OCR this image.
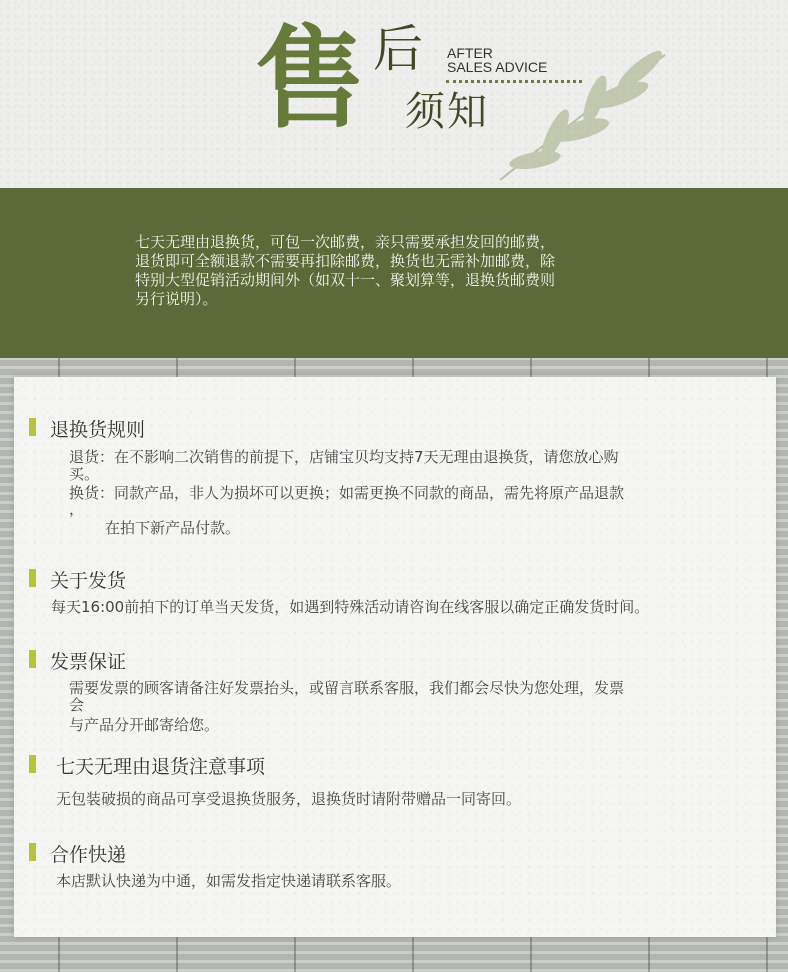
售 后
须知
AFTER
SALES ADVICE
七天无理由退换货，可包一次邮费，亲只需要承担发回的邮费，
退货即可全额退款不需要再扣除邮费，换货也无需补加邮费，除
特别大型促销活动期间外（如双十一、聚划算等，退换货邮费则
另行说明）。
退换货规则
退货：在不影响二次销售的前提下，店铺宝贝均支持7天无理由退换货，请您放心购
买。
换货：同款产品，非人为损坏可以更换；如需更换不同款的商品，需先将原产品退款
，
在拍下新产品付款。
关于发货
每天16:00前拍下的订单当天发货，如遇到特殊活动请咨询在线客服以确定正确发货时间。
发票保证
需要发票的顾客请备注好发票抬头，或留言联系客服，我们都会尽快为您处理，发票
会
与产品分开邮寄给您。
七天无理由退货注意事项
无包装破损的商品可享受退换货服务，退换货时请附带赠品一同寄回。
合作快递
本店默认快递为中通，如需发指定快递请联系客服。
